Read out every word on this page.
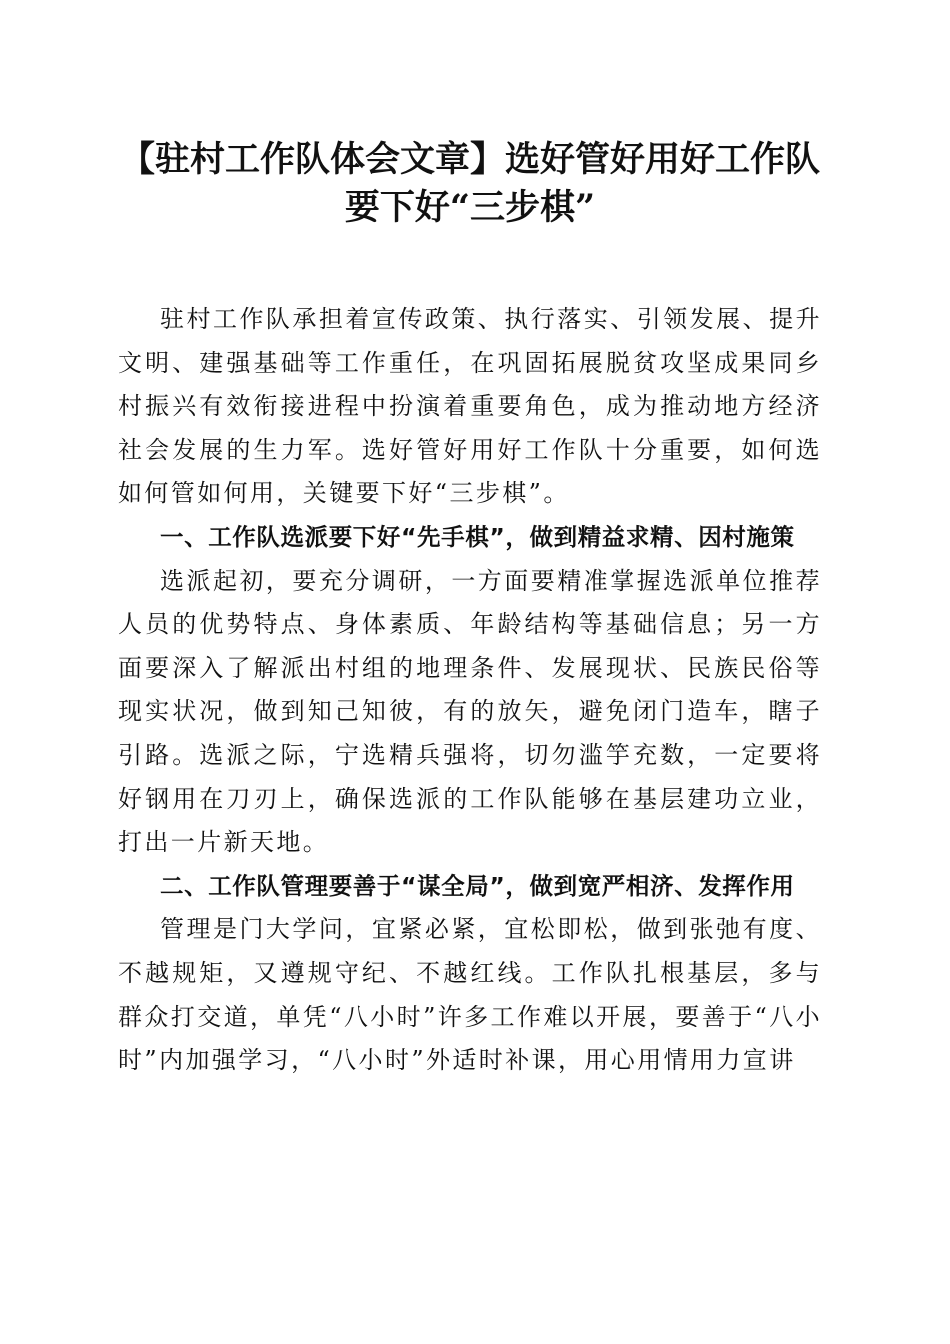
【驻村工作队体会文章】选好管好用好工作队
要下好“三步棋”

驻村工作队承担着宣传政策、执行落实、引领发展、提升文明、建强基础等工作重任，在巩固拓展脱贫攻坚成果同乡村振兴有效衔接进程中扮演着重要角色，成为推动地方经济社会发展的生力军。选好管好用好工作队十分重要，如何选如何管如何用，关键要下好“三步棋”。

一、工作队选派要下好“先手棋”，做到精益求精、因村施策

选派起初，要充分调研，一方面要精准掌握选派单位推荐人员的优势特点、身体素质、年龄结构等基础信息；另一方面要深入了解派出村组的地理条件、发展现状、民族民俗等现实状况，做到知己知彼，有的放矢，避免闭门造车，瞎子引路。选派之际，宁选精兵强将，切勿滥竽充数，一定要将好钢用在刀刃上，确保选派的工作队能够在基层建功立业，打出一片新天地。

二、工作队管理要善于“谋全局”，做到宽严相济、发挥作用

管理是门大学问，宜紧必紧，宜松即松，做到张弛有度、不越规矩，又遵规守纪、不越红线。工作队扎根基层，多与群众打交道，单凭“八小时”许多工作难以开展，要善于“八小时”内加强学习，“八小时”外适时补课，用心用情用力宣讲
